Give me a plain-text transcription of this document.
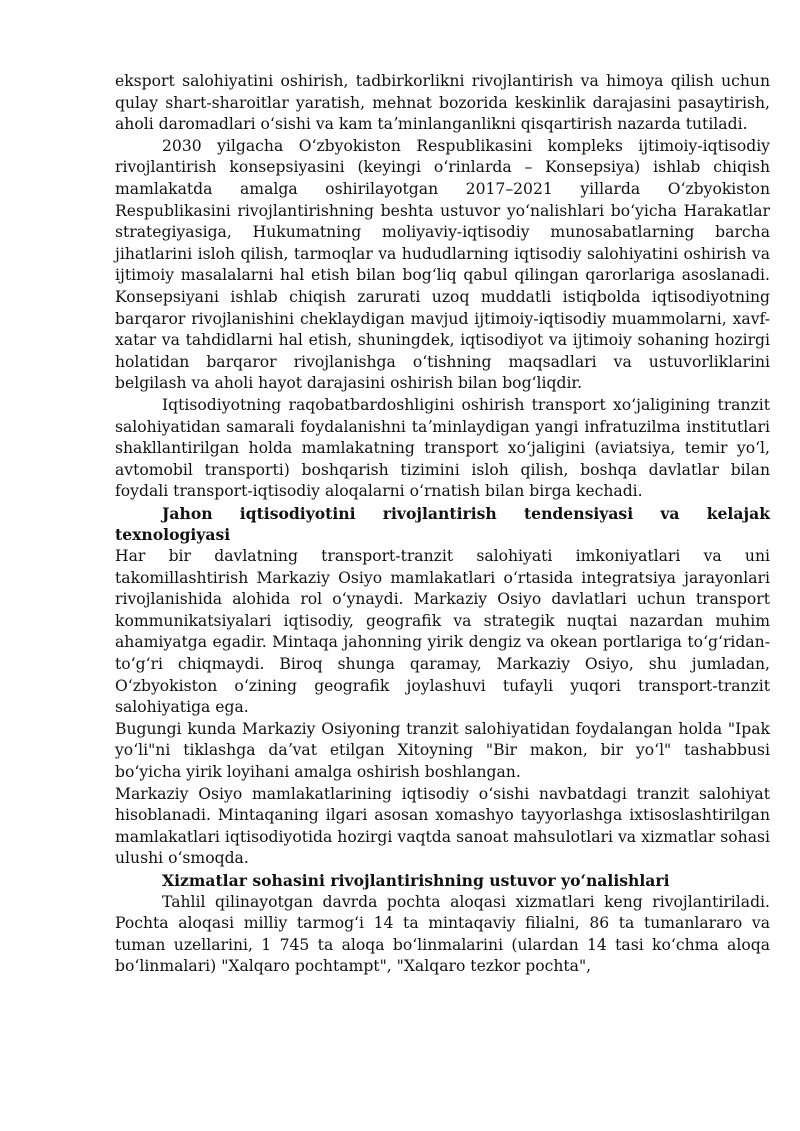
eksport salohiyatini oshirish, tadbirkorlikni rivojlantirish va himoya qilish uchun qulay shart-sharoitlar yaratish, mehnat bozorida keskinlik darajasini pasaytirish, aholi daromadlari oʻsishi va kam taʼminlanganlikni qisqartirish nazarda tutiladi.

2030 yilgacha Oʻzbyokiston Respublikasini kompleks ijtimoiy-iqtisodiy rivojlantirish konsepsiyasini (keyingi oʻrinlarda – Konsepsiya) ishlab chiqish mamlakatda amalga oshirilayotgan 2017–2021 yillarda Oʻzbyokiston Respublikasini rivojlantirishning beshta ustuvor yoʻnalishlari boʻyicha Harakatlar strategiyasiga, Hukumatning moliyaviy-iqtisodiy munosabatlarning barcha jihatlarini isloh qilish, tarmoqlar va hududlarning iqtisodiy salohiyatini oshirish va ijtimoiy masalalarni hal etish bilan bogʻliq qabul qilingan qarorlariga asoslanadi. Konsepsiyani ishlab chiqish zarurati uzoq muddatli istiqbolda iqtisodiyotning barqaror rivojlanishini cheklaydigan mavjud ijtimoiy-iqtisodiy muammolarni, xavf-xatar va tahdidlarni hal etish, shuningdek, iqtisodiyot va ijtimoiy sohaning hozirgi holatidan barqaror rivojlanishga oʻtishning maqsadlari va ustuvorliklarini belgilash va aholi hayot darajasini oshirish bilan bogʻliqdir.

Iqtisodiyotning raqobatbardoshligini oshirish transport xoʻjaligining tranzit salohiyatidan samarali foydalanishni taʼminlaydigan yangi infratuzilma institutlari shakllantirilgan holda mamlakatning transport xoʻjaligini (aviatsiya, temir yoʻl, avtomobil transporti) boshqarish tizimini isloh qilish, boshqa davlatlar bilan foydali transport-iqtisodiy aloqalarni oʻrnatish bilan birga kechadi.

Jahon iqtisodiyotini rivojlantirish tendensiyasi va kelajak texnologiyasi

Har bir davlatning transport-tranzit salohiyati imkoniyatlari va uni takomillashtirish Markaziy Osiyo mamlakatlari oʻrtasida integratsiya jarayonlari rivojlanishida alohida rol oʻynaydi. Markaziy Osiyo davlatlari uchun transport kommunikatsiyalari iqtisodiy, geografik va strategik nuqtai nazardan muhim ahamiyatga egadir. Mintaqa jahonning yirik dengiz va okean portlariga toʻgʻridan-toʻgʻri chiqmaydi. Biroq shunga qaramay, Markaziy Osiyo, shu jumladan, Oʻzbyokiston oʻzining geografik joylashuvi tufayli yuqori transport-tranzit salohiyatiga ega.

Bugungi kunda Markaziy Osiyoning tranzit salohiyatidan foydalangan holda "Ipak yoʻli"ni tiklashga daʼvat etilgan Xitoyning "Bir makon, bir yoʻl" tashabbusi boʻyicha yirik loyihani amalga oshirish boshlangan.

Markaziy Osiyo mamlakatlarining iqtisodiy oʻsishi navbatdagi tranzit salohiyat hisoblanadi. Mintaqaning ilgari asosan xomashyo tayyorlashga ixtisoslashtirilgan mamlakatlari iqtisodiyotida hozirgi vaqtda sanoat mahsulotlari va xizmatlar sohasi ulushi oʻsmoqda.

Xizmatlar sohasini rivojlantirishning ustuvor yoʻnalishlari

Tahlil qilinayotgan davrda pochta aloqasi xizmatlari keng rivojlantiriladi. Pochta aloqasi milliy tarmogʻi 14 ta mintaqaviy filialni, 86 ta tumanlararo va tuman uzellarini, 1 745 ta aloqa boʻlinmalarini (ulardan 14 tasi koʻchma aloqa boʻlinmalari) "Xalqaro pochtampt", "Xalqaro tezkor pochta",
